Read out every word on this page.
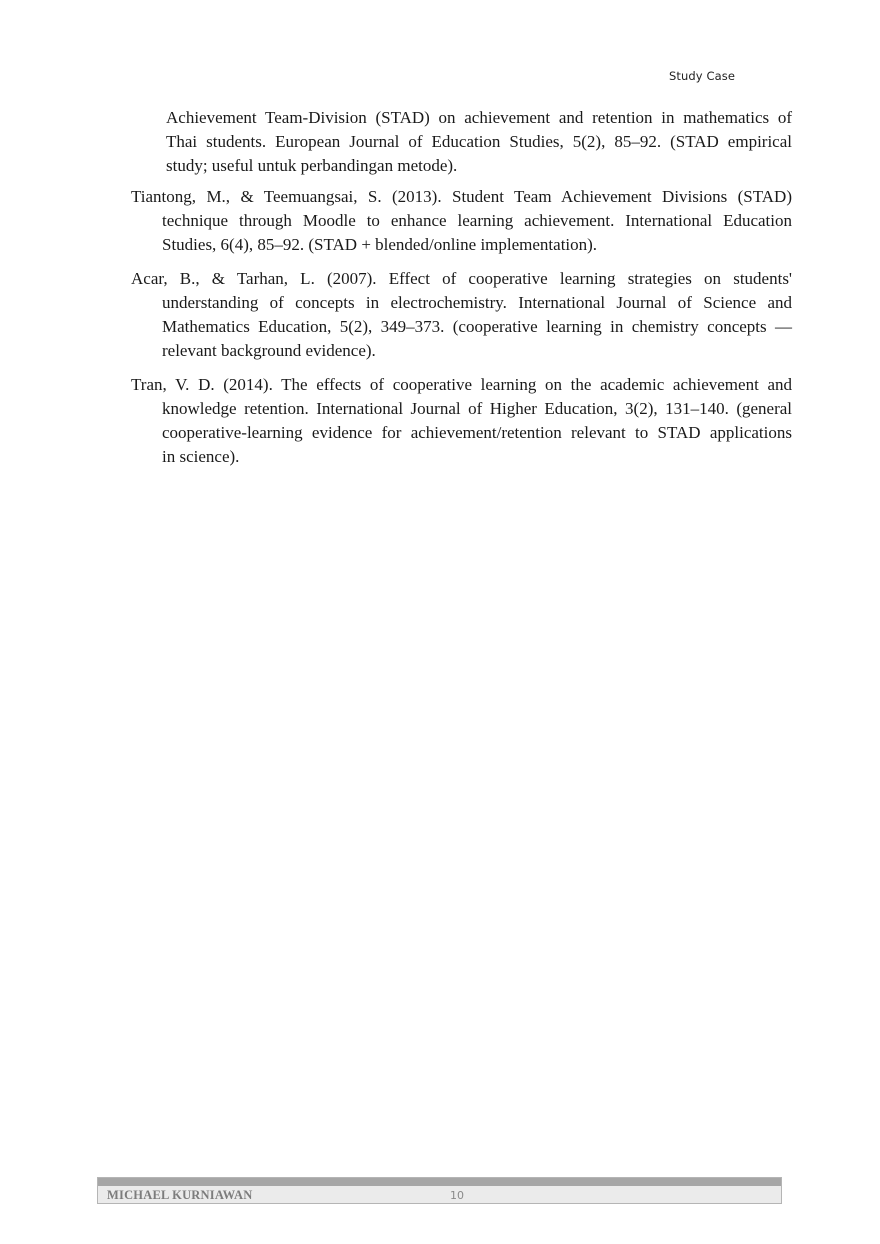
Study Case
Achievement Team-Division (STAD) on achievement and retention in mathematics of
Thai students. European Journal of Education Studies, 5(2), 85–92. (STAD empirical
study; useful untuk perbandingan metode).
Tiantong, M., & Teemuangsai, S. (2013). Student Team Achievement Divisions (STAD)
technique through Moodle to enhance learning achievement. International Education
Studies, 6(4), 85–92. (STAD + blended/online implementation).
Acar, B., & Tarhan, L. (2007). Effect of cooperative learning strategies on students'
understanding of concepts in electrochemistry. International Journal of Science and
Mathematics Education, 5(2), 349–373. (cooperative learning in chemistry concepts —
relevant background evidence).
Tran, V. D. (2014). The effects of cooperative learning on the academic achievement and
knowledge retention. International Journal of Higher Education, 3(2), 131–140. (general
cooperative-learning evidence for achievement/retention relevant to STAD applications
in science).
MICHAEL KURNIAWAN	10
